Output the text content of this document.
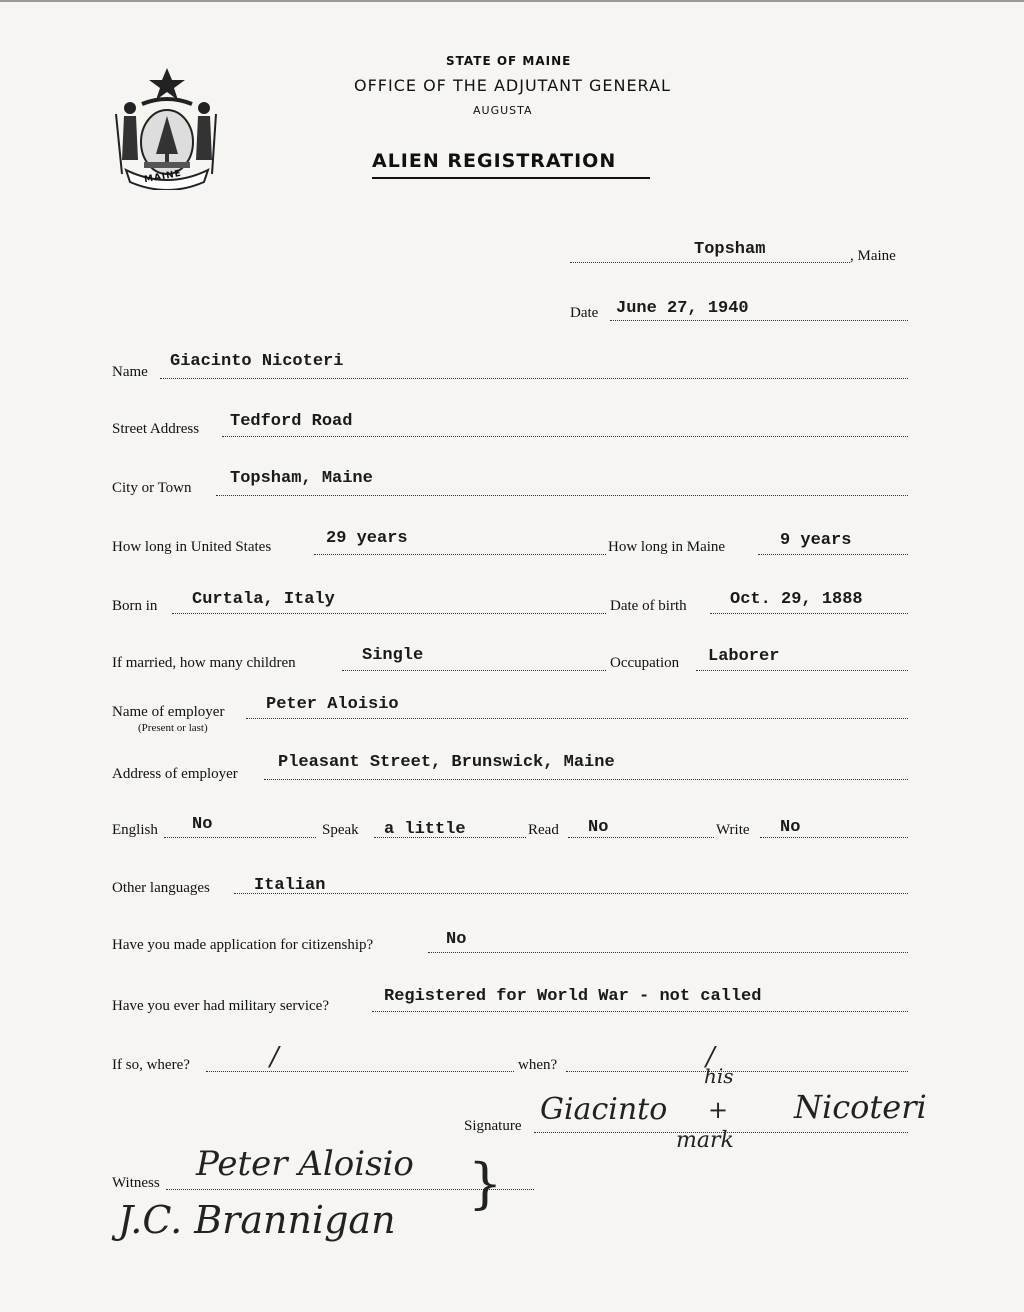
MAINE
STATE OF MAINE
OFFICE OF THE ADJUTANT GENERAL
AUGUSTA
ALIEN REGISTRATION
Topsham	, Maine
Date June 27, 1940
Name
Giacinto Nicoteri
Street Address Tedford Road
City or Town Topsham, Maine
How long in United States	29 years	How long in Maine	9 years
Born in Curtala, Italy	Date of birth	Oct. 29, 1888
If married, how many children	Single	Occupation Laborer
Name of employer
(Present or last)
Peter Aloisio
Address of employer
Pleasant Street, Brunswick, Maine
English No	Speak a little	Read No	Write No
Other languages	Italian
Have you made application for citizenship?	No
Have you ever had military service?	Registered for World War - not called
If so, where?	/	when?	/
Signature Giacinto
his
+
mark
Nicoteri
Witness Peter Aloisio
J.C. Brannigan
}
